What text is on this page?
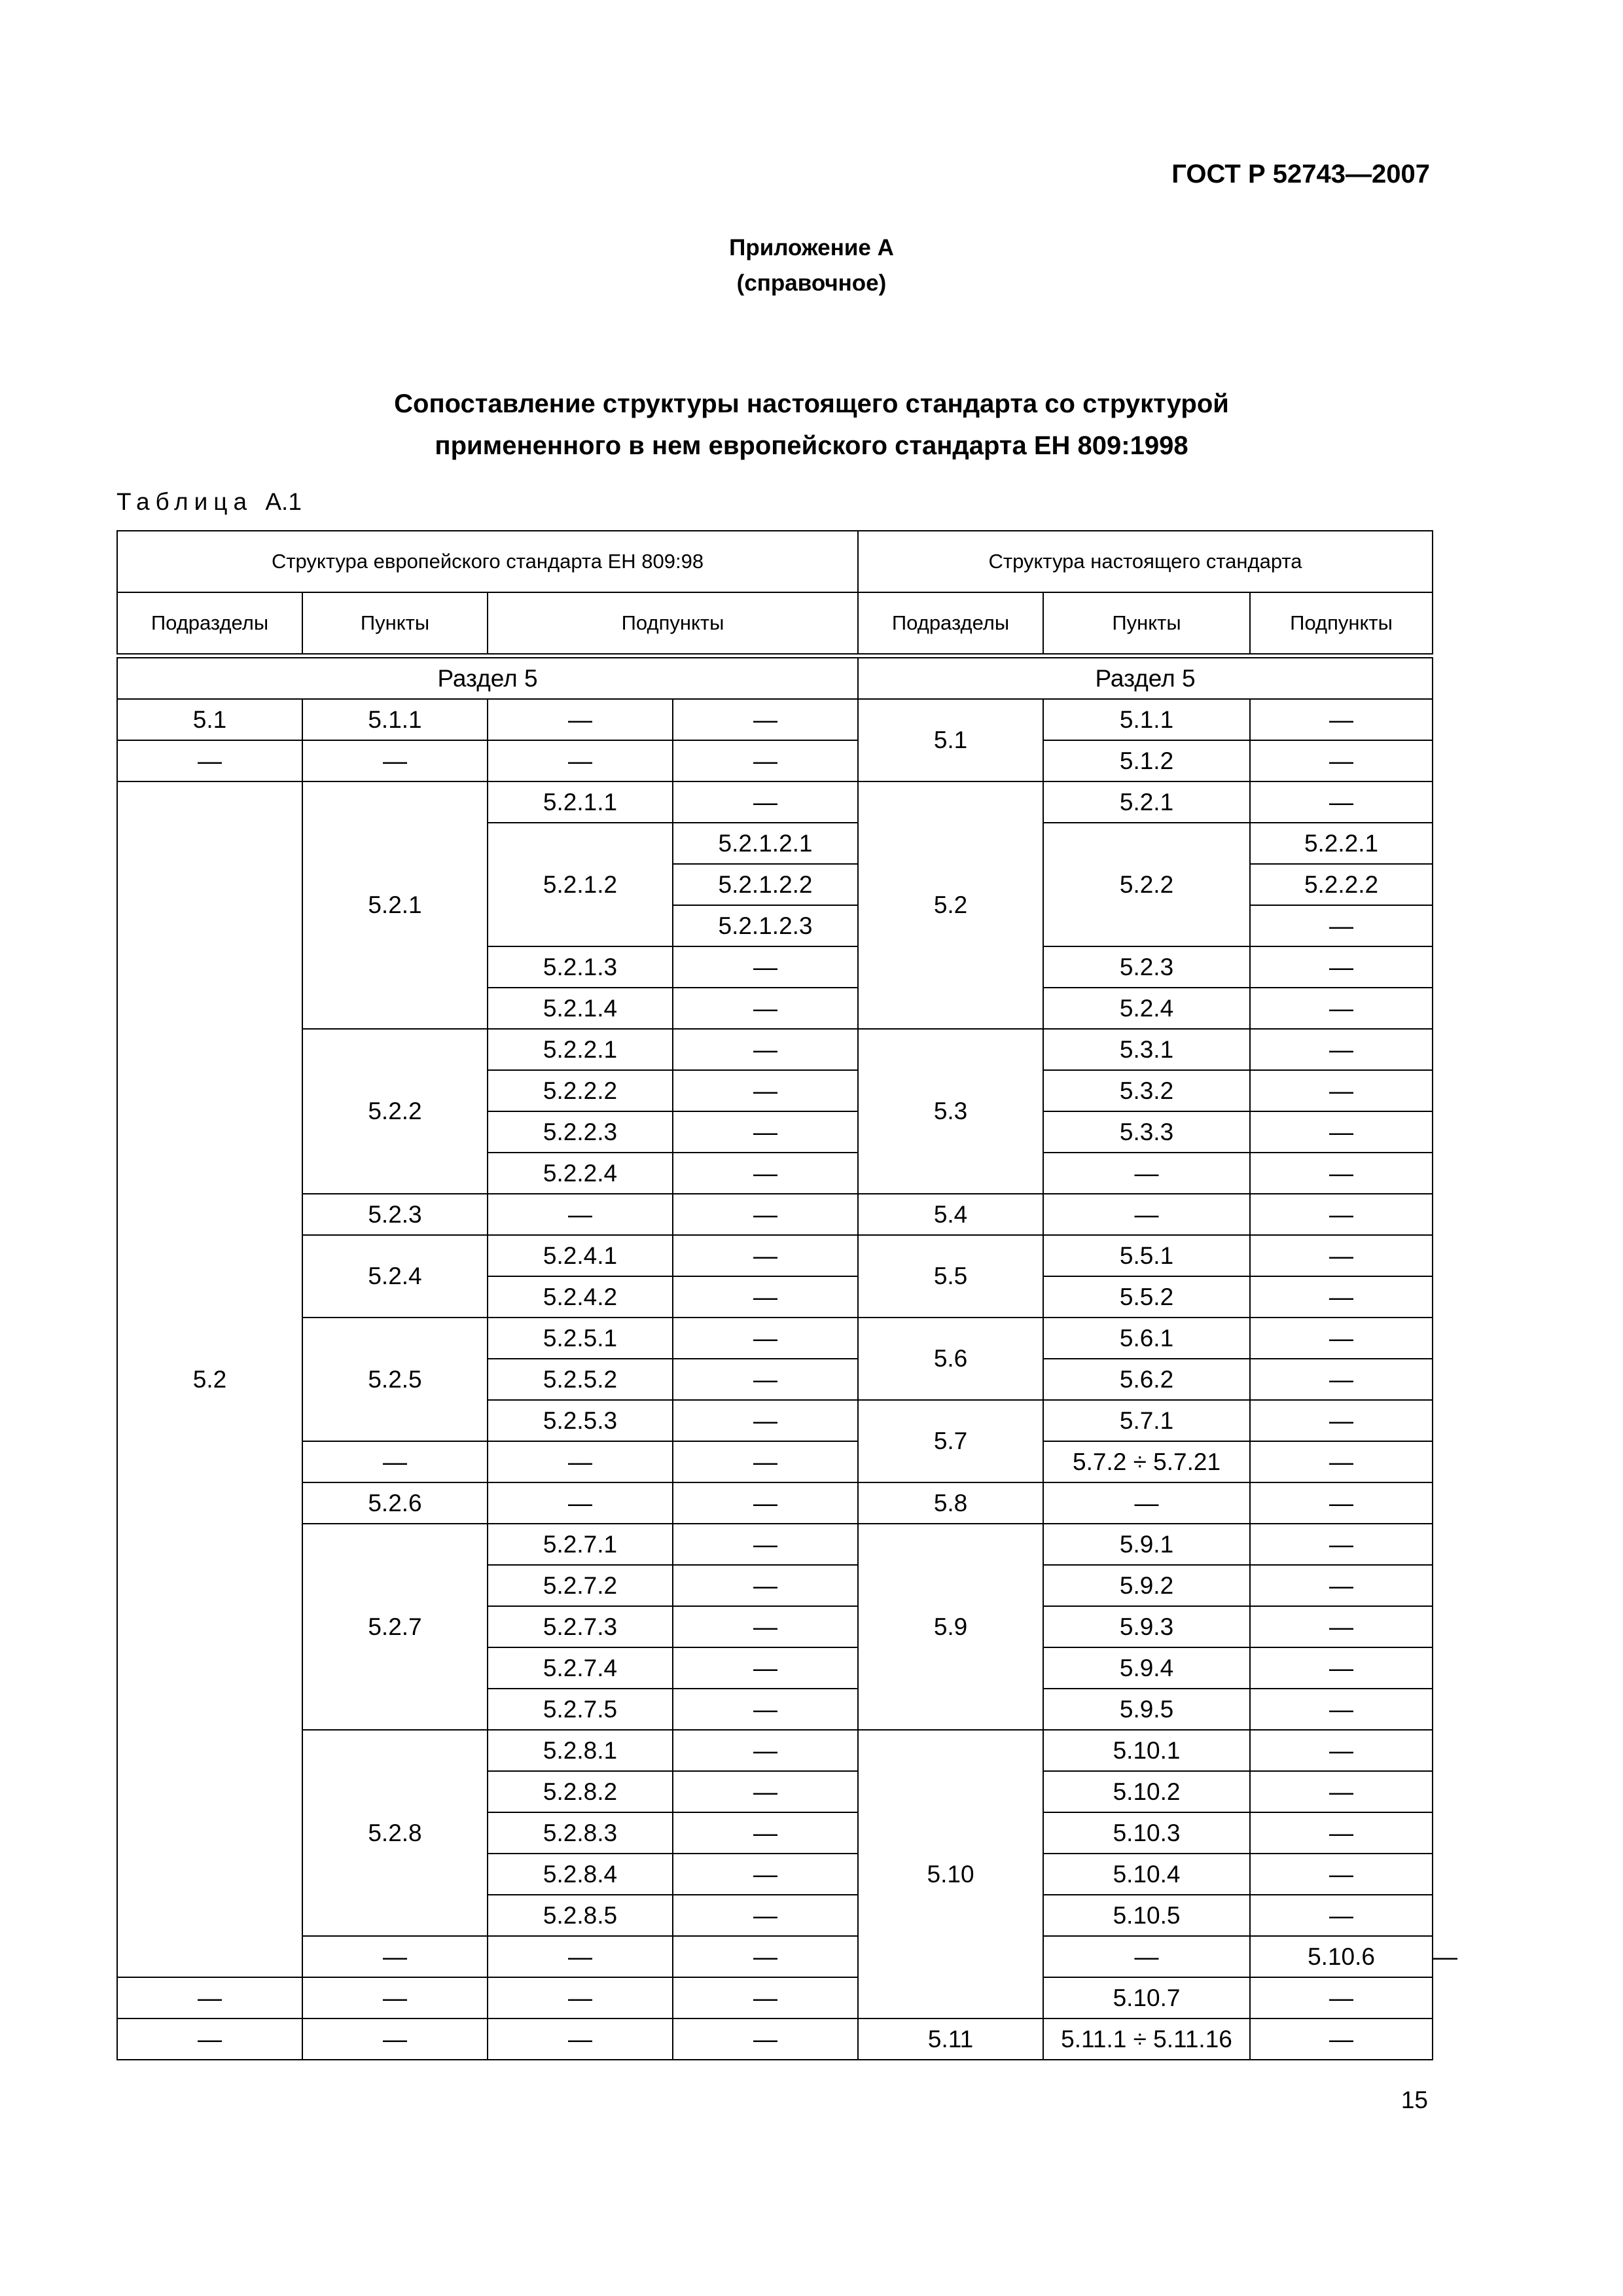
ГОСТ Р 52743—2007
Приложение А
(справочное)
Сопоставление структуры настоящего стандарта со структурой
примененного в нем европейского стандарта ЕН 809:1998
Таблица А.1
Структура европейского стандарта ЕН 809:98				Структура настоящего стандарта			
Подразделы	Пункты	Подпункты		Подразделы	Пункты	Подпункты	

Раздел 5				Раздел 5			
5.1	5.1.1	—	—	5.1	5.1.1	—	
—	—	—	—		5.1.2	—	
5.2	5.2.1	5.2.1.1	—	5.2	5.2.1	—	
		5.2.1.2	5.2.1.2.1		5.2.2	5.2.2.1	
			5.2.1.2.2			5.2.2.2	
			5.2.1.2.3			—	
		5.2.1.3	—		5.2.3	—	
		5.2.1.4	—		5.2.4	—	
	5.2.2	5.2.2.1	—	5.3	5.3.1	—	
		5.2.2.2	—		5.3.2	—	
		5.2.2.3	—		5.3.3	—	
		5.2.2.4	—		—	—	
	5.2.3	—	—	5.4	—	—	
	5.2.4	5.2.4.1	—	5.5	5.5.1	—	
		5.2.4.2	—		5.5.2	—	
	5.2.5	5.2.5.1	—	5.6	5.6.1	—	
		5.2.5.2	—		5.6.2	—	
		5.2.5.3	—	5.7	5.7.1	—	
	—	—	—		5.7.2 ÷ 5.7.21	—	
	5.2.6	—	—	5.8	—	—	
	5.2.7	5.2.7.1	—	5.9	5.9.1	—	
		5.2.7.2	—		5.9.2	—	
		5.2.7.3	—		5.9.3	—	
		5.2.7.4	—		5.9.4	—	
		5.2.7.5	—		5.9.5	—	
	5.2.8	5.2.8.1	—	5.10	5.10.1	—	
		5.2.8.2	—		5.10.2	—	
		5.2.8.3	—		5.10.3	—	
		5.2.8.4	—		5.10.4	—	
		5.2.8.5	—		5.10.5	—	
	—	—	—		—	5.10.6	—
—	—	—	—		5.10.7	—	
—	—	—	—	5.11	5.11.1 ÷ 5.11.16	—	
15
